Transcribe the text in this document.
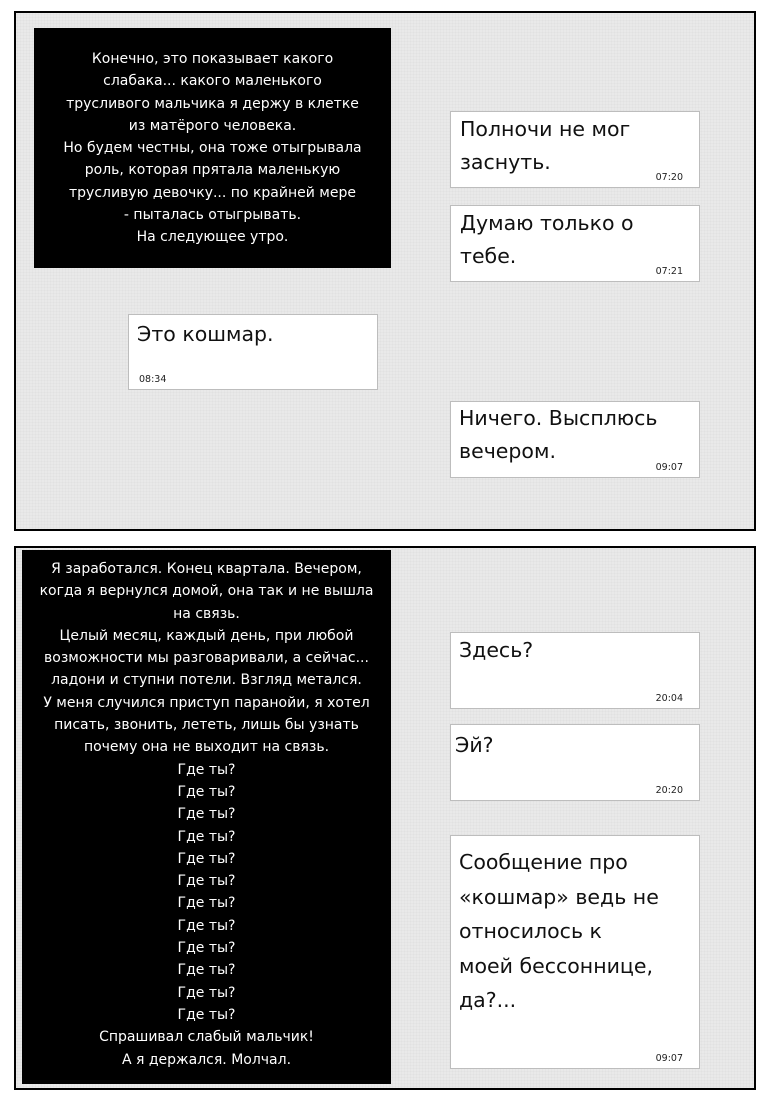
Конечно, это показывает какого

слабака... какого маленького

трусливого мальчика я держу в клетке

из матёрого человека.

Но будем честны, она тоже отыгрывала

роль, которая прятала маленькую

трусливую девочку... по крайней мере

- пыталась отыгрывать.

На следующее утро.

Полночи не мог
заснуть.

07:20

Думаю только о
тебе.

07:21

Это кошмар.

08:34

Ничего. Высплюсь
вечером.

09:07

Я заработался. Конец квартала. Вечером,

когда я вернулся домой, она так и не вышла

на связь.

Целый месяц, каждый день, при любой

возможности мы разговаривали, а сейчас...

ладони и ступни потели. Взгляд метался.

У меня случился приступ паранойи, я хотел

писать, звонить, лететь, лишь бы узнать

почему она не выходит на связь.

Где ты?

Где ты?

Где ты?

Где ты?

Где ты?

Где ты?

Где ты?

Где ты?

Где ты?

Где ты?

Где ты?

Где ты?

Спрашивал слабый мальчик!

А я держался. Молчал.

Здесь?

20:04

Эй?

20:20

Сообщение про
«кошмар» ведь не
относилось к
моей бессоннице,
да?...

09:07
